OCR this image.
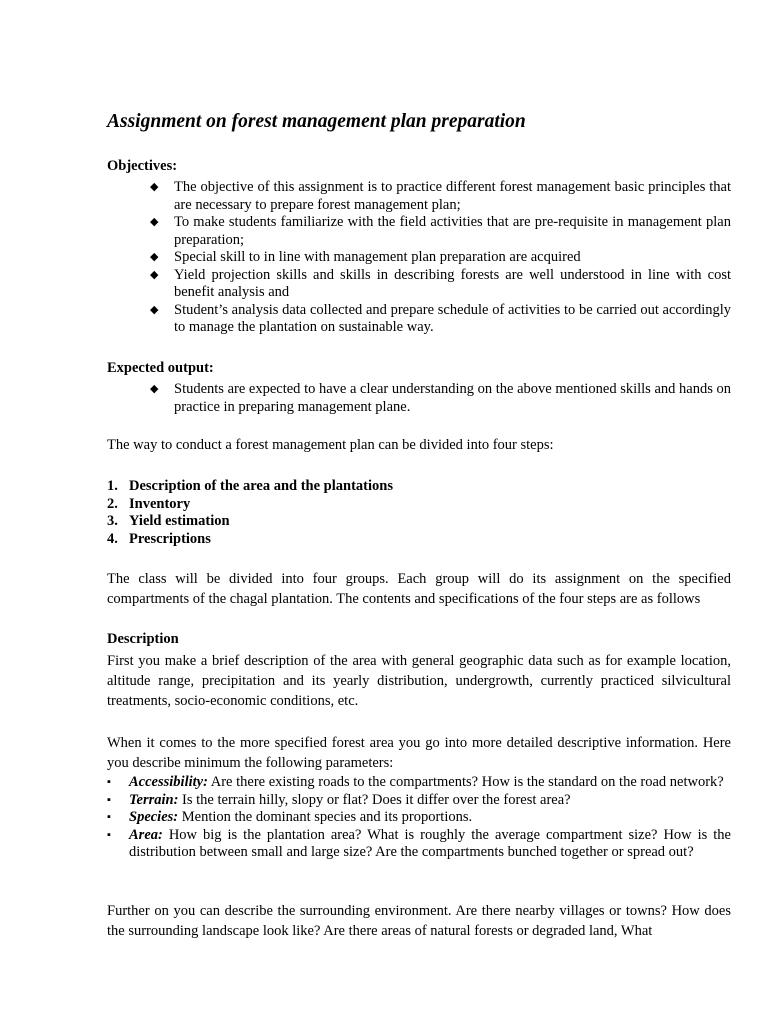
Assignment on forest management plan preparation
Objectives:
◆ The objective of this assignment is to practice different forest management basic principles that are necessary to prepare forest management plan;
◆ To make students familiarize with the field activities that are pre-requisite in management plan preparation;
◆ Special skill to in line with management plan preparation are acquired
◆ Yield projection skills and skills in describing forests are well understood in line with cost benefit analysis and
◆ Student’s analysis data collected and prepare schedule of activities to be carried out accordingly to manage the plantation on sustainable way.
Expected output:
◆ Students are expected to have a clear understanding on the above mentioned skills and hands on practice in preparing management plane.
The way to conduct a forest management plan can be divided into four steps:
1. Description of the area and the plantations
2. Inventory
3. Yield estimation
4. Prescriptions
The class will be divided into four groups. Each group will do its assignment on the specified compartments of the chagal plantation. The contents and specifications of the four steps are as follows
Description
First you make a brief description of the area with general geographic data such as for example location, altitude range, precipitation and its yearly distribution, undergrowth, currently practiced silvicultural treatments, socio-economic conditions, etc.
When it comes to the more specified forest area you go into more detailed descriptive information. Here you describe minimum the following parameters:
▪ Accessibility: Are there existing roads to the compartments? How is the standard on the road network?
▪ Terrain: Is the terrain hilly, slopy or flat? Does it differ over the forest area?
▪ Species: Mention the dominant species and its proportions.
▪ Area: How big is the plantation area? What is roughly the average compartment size? How is the distribution between small and large size? Are the compartments bunched together or spread out?
Further on you can describe the surrounding environment. Are there nearby villages or towns? How does the surrounding landscape look like? Are there areas of natural forests or degraded land, What
